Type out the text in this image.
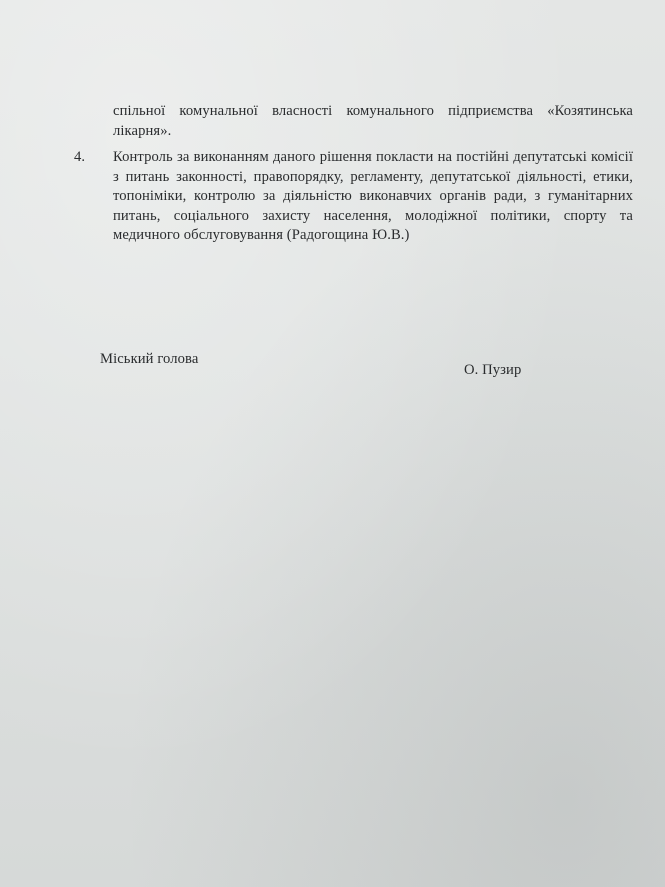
спільної комунальної власності комунального підприємства «Козятинська лікарня».
4. Контроль за виконанням даного рішення покласти на постійні депутатські комісії з питань законності, правопорядку, регламенту, депутатської діяльності, етики, топоніміки, контролю за діяльністю виконавчих органів ради, з гуманітарних питань, соціального захисту населення, молодіжної політики, спорту та медичного обслуговування (Радогощина Ю.В.)
Міський голова
О. Пузир
